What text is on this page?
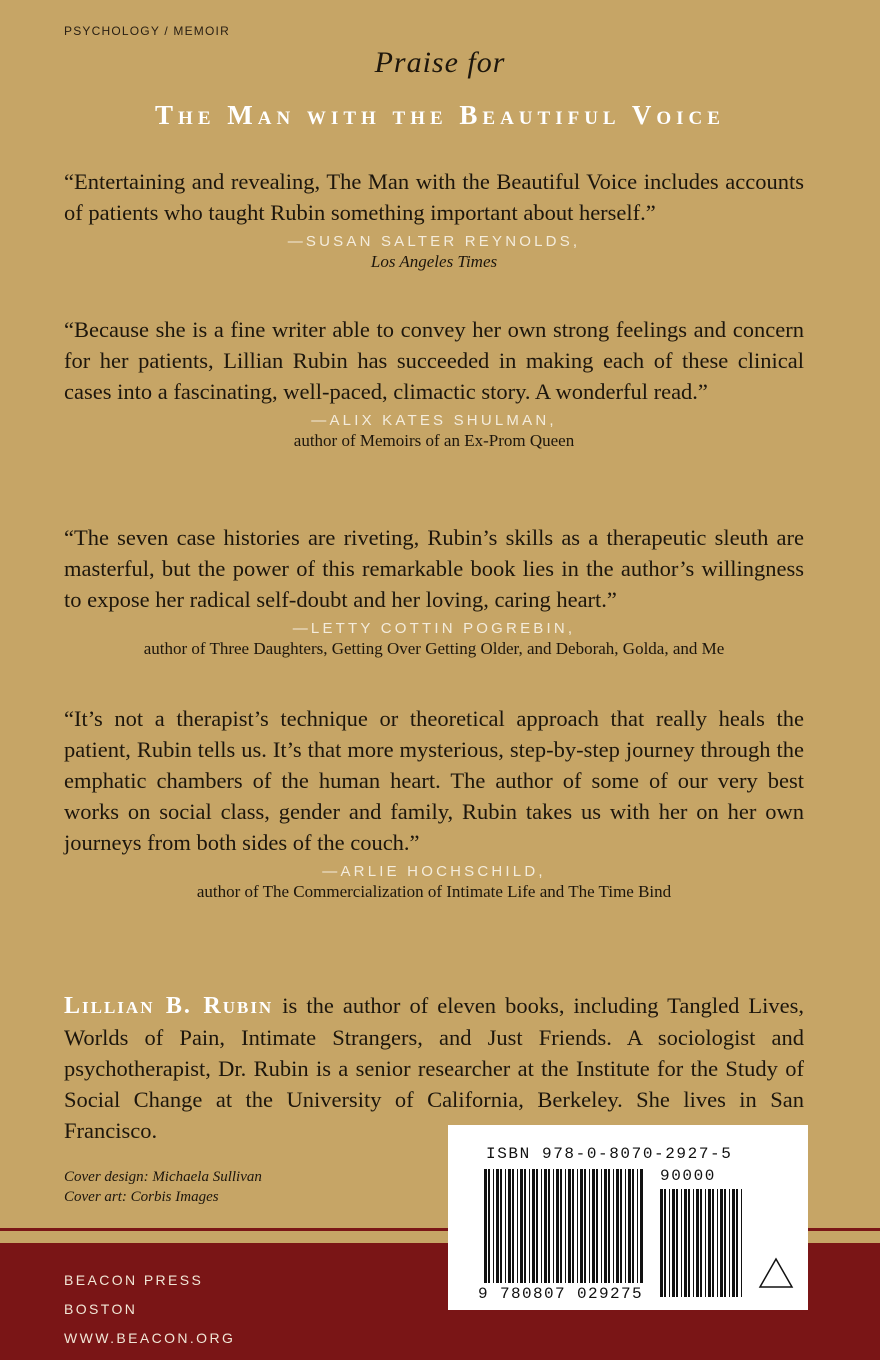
PSYCHOLOGY / MEMOIR
Praise for
The Man with the Beautiful Voice

“Entertaining and revealing, The Man with the Beautiful Voice includes accounts of patients who taught Rubin something important about herself.”

—SUSAN SALTER REYNOLDS,
Los Angeles Times

“Because she is a fine writer able to convey her own strong feelings and concern for her patients, Lillian Rubin has succeeded in making each of these clinical cases into a fascinating, well-paced, climactic story. A wonderful read.”

—ALIX KATES SHULMAN,
author of Memoirs of an Ex-Prom Queen

“The seven case histories are riveting, Rubin’s skills as a therapeutic sleuth are masterful, but the power of this remarkable book lies in the author’s willingness to expose her radical self-doubt and her loving, caring heart.”

—LETTY COTTIN POGREBIN,
author of Three Daughters, Getting Over Getting Older, and Deborah, Golda, and Me

“It’s not a therapist’s technique or theoretical approach that really heals the patient, Rubin tells us. It’s that more mysterious, step-by-step journey through the emphatic chambers of the human heart. The author of some of our very best works on social class, gender and family, Rubin takes us with her on her own journeys from both sides of the couch.”

—ARLIE HOCHSCHILD,
author of The Commercialization of Intimate Life and The Time Bind

Lillian B. Rubin is the author of eleven books, including Tangled Lives, Worlds of Pain, Intimate Strangers, and Just Friends. A sociologist and psychotherapist, Dr. Rubin is a senior researcher at the Institute for the Study of Social Change at the University of California, Berkeley. She lives in San Francisco.

Cover design: Michaela Sullivan
Cover art: Corbis Images
BEACON PRESS
BOSTON
WWW.BEACON.ORG
ISBN 978-0-8070-2927-5
90000
9 780807 029275
